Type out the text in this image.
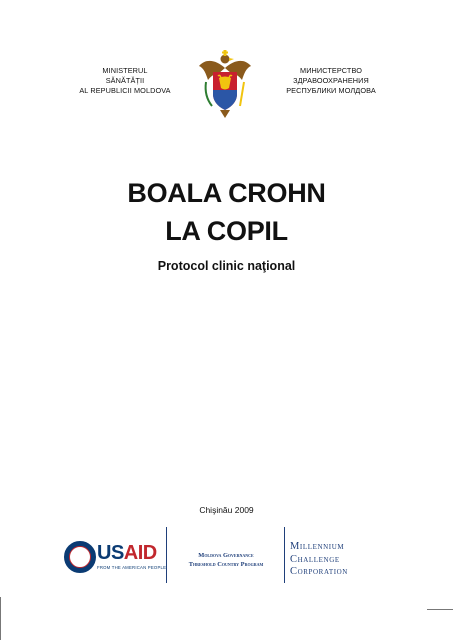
MINISTERUL
SĂNĂTĂȚII
AL REPUBLICII MOLDOVA
МИНИСТЕРСТВО
ЗДРАВООХРАНЕНИЯ
РЕСПУБЛИКИ МОЛДОВА
BOALA CROHN
LA COPIL
Protocol clinic naţional
Chişinău 2009
USAID
FROM THE AMERICAN PEOPLE
Moldova Governance
Threshold Country Program
Millennium
Challenge
Corporation
